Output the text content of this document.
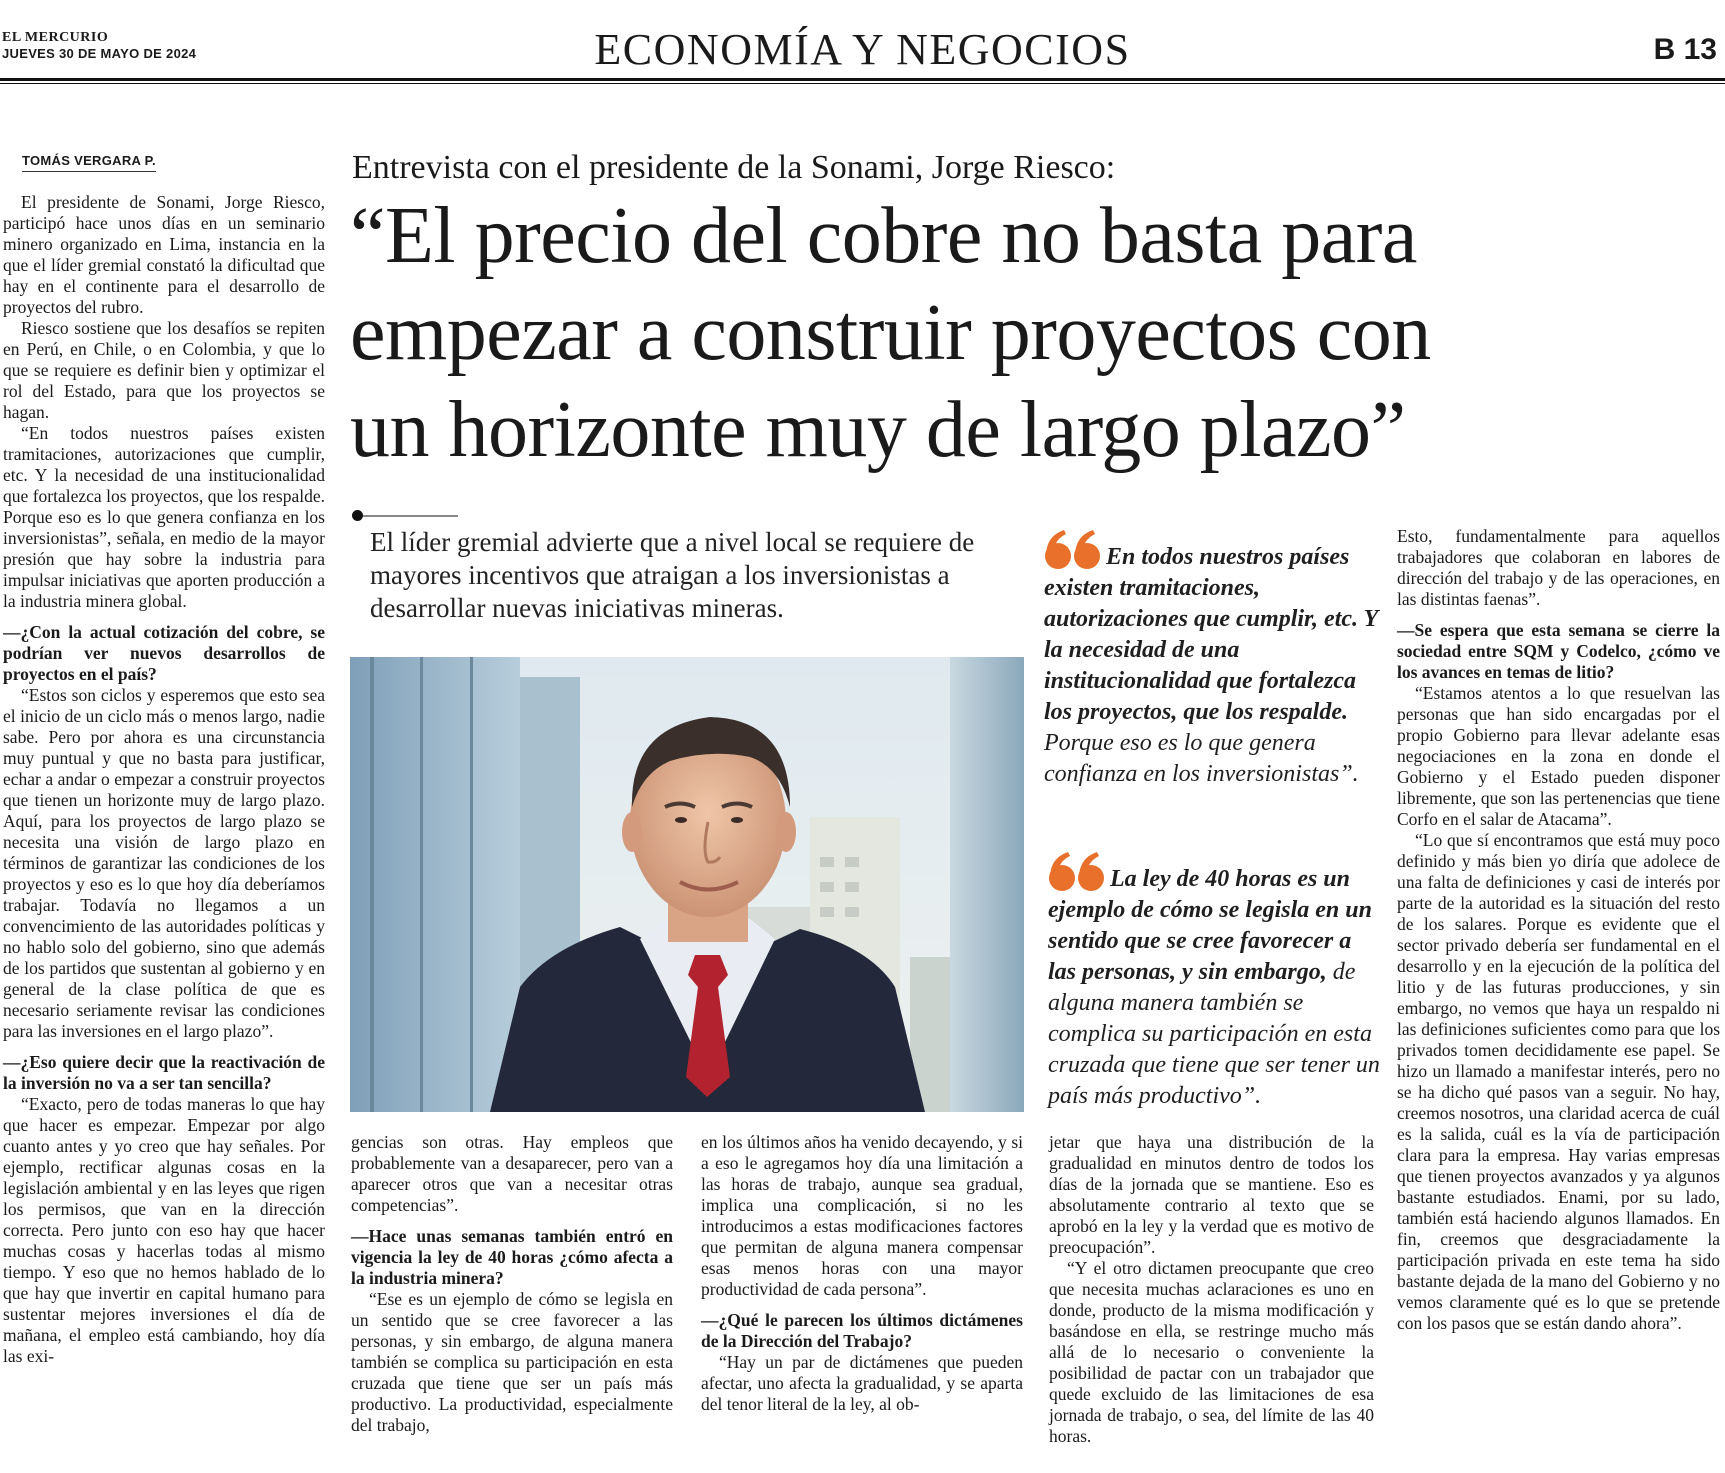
EL MERCURIO
JUEVES 30 DE MAYO DE 2024	ECONOMÍA Y NEGOCIOS	B 13
TOMÁS VERGARA P.	Entrevista con el presidente de la Sonami, Jorge Riesco:
“El precio del cobre no basta para
empezar a construir proyectos con
un horizonte muy de largo plazo”
El líder gremial advierte que a nivel local se requiere de mayores incentivos que atraigan a los inversionistas a desarrollar nuevas iniciativas mineras.

El presidente de Sonami, Jorge Riesco, participó hace unos días en un seminario minero organizado en Lima, instancia en la que el líder gremial constató la dificultad que hay en el continente para el desarrollo de proyectos del rubro.

Riesco sostiene que los desafíos se repiten en Perú, en Chile, o en Colombia, y que lo que se requiere es definir bien y optimizar el rol del Estado, para que los proyectos se hagan.

“En todos nuestros países existen tramitaciones, autorizaciones que cumplir, etc. Y la necesidad de una institucionalidad que fortalezca los proyectos, que los respalde. Porque eso es lo que genera confianza en los inversionistas”, señala, en medio de la mayor presión que hay sobre la industria para impulsar iniciativas que aporten producción a la industria minera global.

—¿Con la actual cotización del cobre, se podrían ver nuevos desarrollos de proyectos en el país?

“Estos son ciclos y esperemos que esto sea el inicio de un ciclo más o menos largo, nadie sabe. Pero por ahora es una circunstancia muy puntual y que no basta para justificar, echar a andar o empezar a construir proyectos que tienen un horizonte muy de largo plazo. Aquí, para los proyectos de largo plazo se necesita una visión de largo plazo en términos de garantizar las condiciones de los proyectos y eso es lo que hoy día deberíamos trabajar. Todavía no llegamos a un convencimiento de las autoridades políticas y no hablo solo del gobierno, sino que además de los partidos que sustentan al gobierno y en general de la clase política de que es necesario seriamente revisar las condiciones para las inversiones en el largo plazo”.

—¿Eso quiere decir que la reactivación de la inversión no va a ser tan sencilla?

“Exacto, pero de todas maneras lo que hay que hacer es empezar. Empezar por algo cuanto antes y yo creo que hay señales. Por ejemplo, rectificar algunas cosas en la legislación ambiental y en las leyes que rigen los permisos, que van en la dirección correcta. Pero junto con eso hay que hacer muchas cosas y hacerlas todas al mismo tiempo. Y eso que no hemos hablado de lo que hay que invertir en capital humano para sustentar mejores inversiones el día de mañana, el empleo está cambiando, hoy día las exi-

gencias son otras. Hay empleos que probablemente van a desaparecer, pero van a aparecer otros que van a necesitar otras competencias”.

—Hace unas semanas también entró en vigencia la ley de 40 horas ¿cómo afecta a la industria minera?

“Ese es un ejemplo de cómo se legisla en un sentido que se cree favorecer a las personas, y sin embargo, de alguna manera también se complica su participación en esta cruzada que tiene que ser un país más productivo. La productividad, especialmente del trabajo,

en los últimos años ha venido decayendo, y si a eso le agregamos hoy día una limitación a las horas de trabajo, aunque sea gradual, implica una complicación, si no les introducimos a estas modificaciones factores que permitan de alguna manera compensar esas menos horas con una mayor productividad de cada persona”.

—¿Qué le parecen los últimos dictámenes de la Dirección del Trabajo?

“Hay un par de dictámenes que pueden afectar, uno afecta la gradualidad, y se aparta del tenor literal de la ley, al ob-

jetar que haya una distribución de la gradualidad en minutos dentro de todos los días de la jornada que se mantiene. Eso es absolutamente contrario al texto que se aprobó en la ley y la verdad que es motivo de preocupación”.

“Y el otro dictamen preocupante que creo que necesita muchas aclaraciones es uno en donde, producto de la misma modificación y basándose en ella, se restringe mucho más allá de lo necesario o conveniente la posibilidad de pactar con un trabajador que quede excluido de las limitaciones de esa jornada de trabajo, o sea, del límite de las 40 horas.

Esto, fundamentalmente para aquellos trabajadores que colaboran en labores de dirección del trabajo y de las operaciones, en las distintas faenas”.

—Se espera que esta semana se cierre la sociedad entre SQM y Codelco, ¿cómo ve los avances en temas de litio?

“Estamos atentos a lo que resuelvan las personas que han sido encargadas por el propio Gobierno para llevar adelante esas negociaciones en la zona en donde el Gobierno y el Estado pueden disponer libremente, que son las pertenencias que tiene Corfo en el salar de Atacama”.

“Lo que sí encontramos que está muy poco definido y más bien yo diría que adolece de una falta de definiciones y casi de interés por parte de la autoridad es la situación del resto de los salares. Porque es evidente que el sector privado debería ser fundamental en el desarrollo y en la ejecución de la política del litio y de las futuras producciones, y sin embargo, no vemos que haya un respaldo ni las definiciones suficientes como para que los privados tomen decididamente ese papel. Se hizo un llamado a manifestar interés, pero no se ha dicho qué pasos van a seguir. No hay, creemos nosotros, una claridad acerca de cuál es la salida, cuál es la vía de participación clara para la empresa. Hay varias empresas que tienen proyectos avanzados y ya algunos bastante estudiados. Enami, por su lado, también está haciendo algunos llamados. En fin, creemos que desgraciadamente la participación privada en este tema ha sido bastante dejada de la mano del Gobierno y no vemos claramente qué es lo que se pretende con los pasos que se están dando ahora”.

En todos nuestros países existen tramitaciones, autorizaciones que cumplir, etc. Y la necesidad de una institucionalidad que fortalezca los proyectos, que los respalde. Porque eso es lo que genera confianza en los inversionistas”.
La ley de 40 horas es un ejemplo de cómo se legisla en un sentido que se cree favorecer a las personas, y sin embargo, de alguna manera también se complica su participación en esta cruzada que tiene que ser tener un país más productivo”.
